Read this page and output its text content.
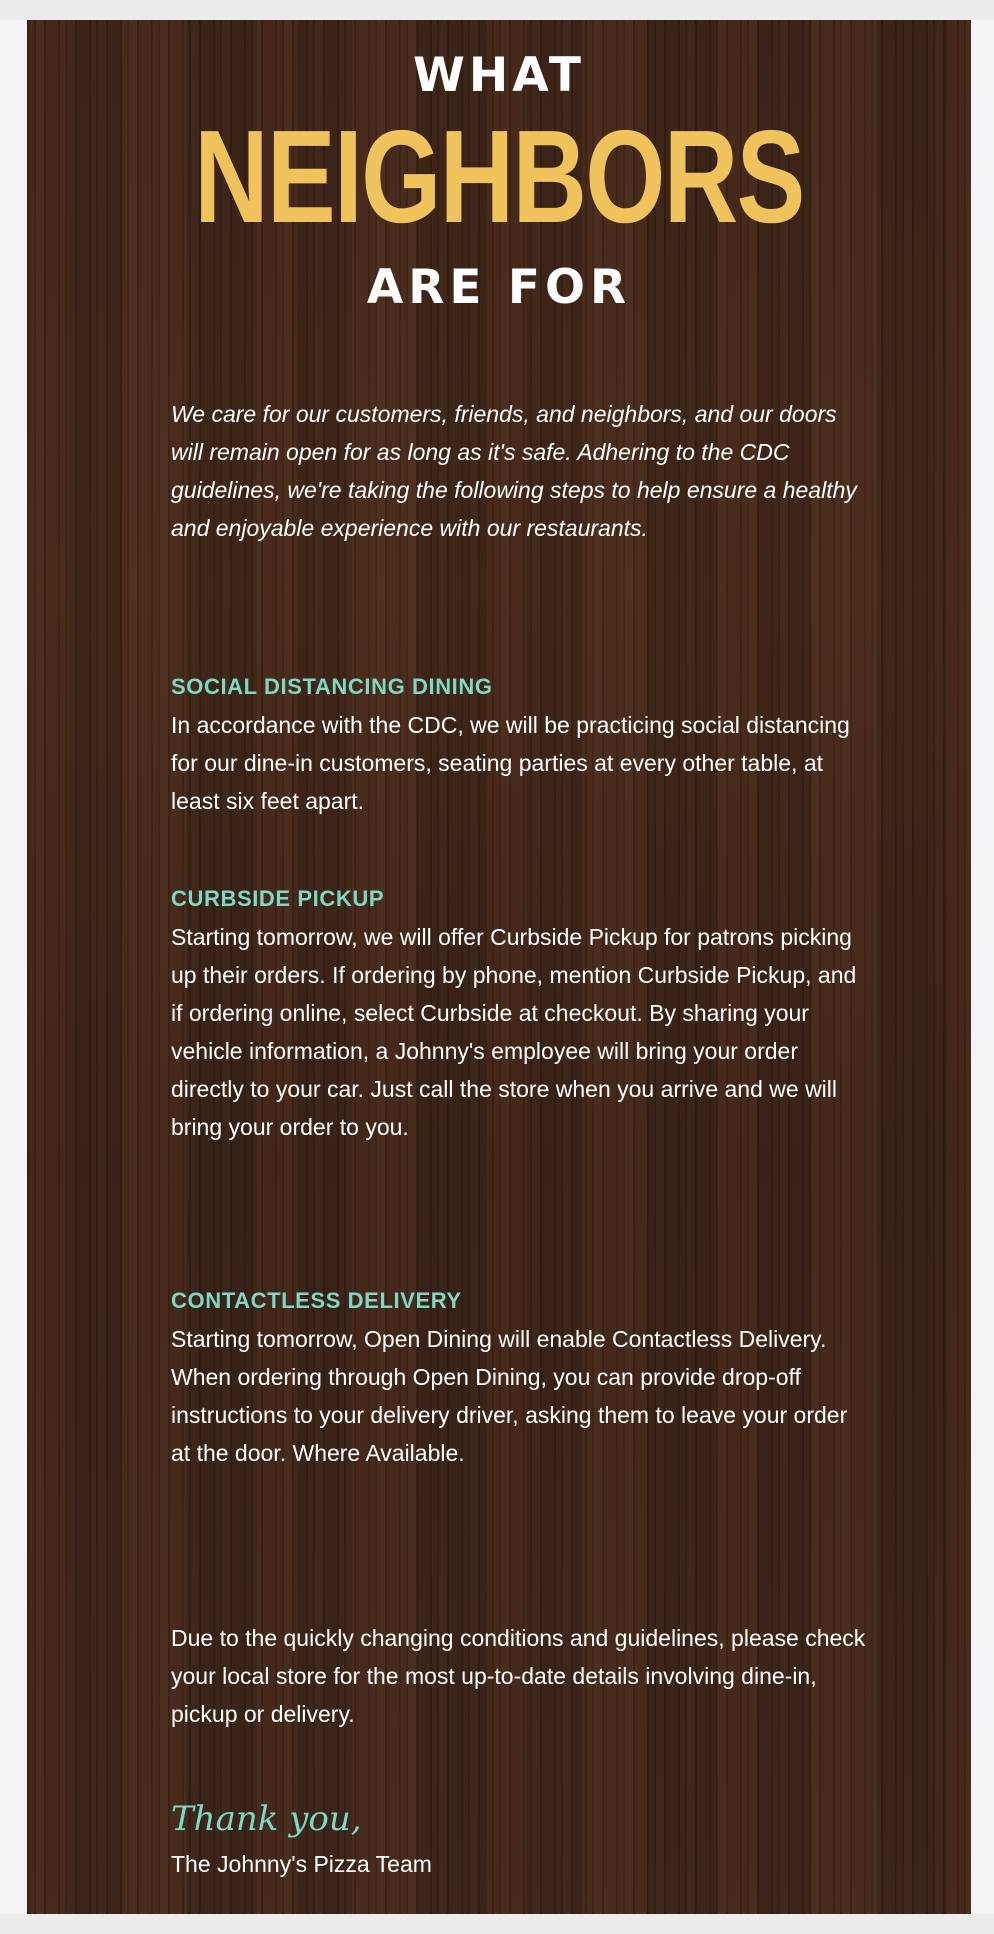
WHAT
NEIGHBORS
ARE FOR

We care for our customers, friends, and neighbors, and our doors will remain open for as long as it's safe. Adhering to the CDC guidelines, we're taking the following steps to help ensure a healthy and enjoyable experience with our restaurants.

SOCIAL DISTANCING DINING

In accordance with the CDC, we will be practicing social distancing for our dine-in customers, seating parties at every other table, at least six feet apart.

CURBSIDE PICKUP

Starting tomorrow, we will offer Curbside Pickup for patrons picking up their orders. If ordering by phone, mention Curbside Pickup, and if ordering online, select Curbside at checkout. By sharing your vehicle information, a Johnny's employee will bring your order directly to your car. Just call the store when you arrive and we will bring your order to you.

CONTACTLESS DELIVERY

Starting tomorrow, Open Dining will enable Contactless Delivery. When ordering through Open Dining, you can provide drop-off instructions to your delivery driver, asking them to leave your order at the door. Where Available.

Due to the quickly changing conditions and guidelines, please check your local store for the most up-to-date details involving dine-in, pickup or delivery.

Thank you,
The Johnny's Pizza Team
